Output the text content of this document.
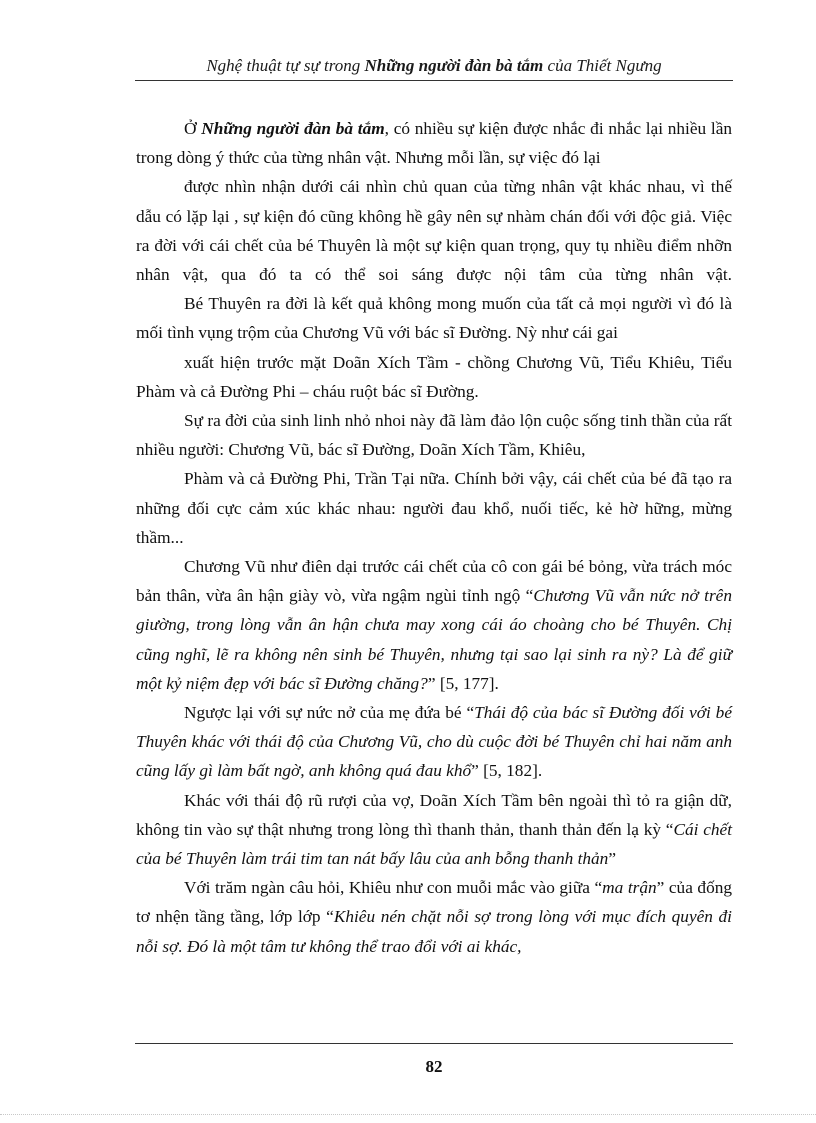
Nghệ thuật tự sự trong Những người đàn bà tắm của Thiết Ngưng

Ở Những người đàn bà tắm, có nhiều sự kiện được nhắc đi nhắc lại nhiều lần trong dòng ý thức của từng nhân vật. Nhưng mỗi lần, sự việc đó lại

được nhìn nhận dưới cái nhìn chủ quan của từng nhân vật khác nhau, vì thế dẫu có lặp lại , sự kiện đó cũng không hề gây nên sự nhàm chán đối với độc giả. Việc ra đời với cái chết của bé Thuyên là một sự kiện quan trọng, quy tụ nhiều điểm nhỡn nhân vật, qua đó ta có thể soi sáng được nội tâm của từng nhân vật.

Bé Thuyên ra đời là kết quả không mong muốn của tất cả mọi người vì đó là mối tình vụng trộm của Chương Vũ với bác sĩ Đường. Nỳ như cái gai

xuất hiện trước mặt Doãn Xích Tầm - chồng Chương Vũ, Tiểu Khiêu, Tiểu Phàm và cả Đường Phi – cháu ruột bác sĩ Đường.

Sự ra đời của sinh linh nhỏ nhoi này đã làm đảo lộn cuộc sống tinh thần của rất nhiều người: Chương Vũ, bác sĩ Đường, Doãn Xích Tầm, Khiêu,

Phàm và cả Đường Phi, Trần Tại nữa. Chính bởi vậy, cái chết của bé đã tạo ra những đối cực cảm xúc khác nhau: người đau khổ, nuối tiếc, kẻ hờ hững, mừng thầm...

Chương Vũ như điên dại trước cái chết của cô con gái bé bỏng, vừa trách móc bản thân, vừa ân hận giày vò, vừa ngậm ngùi tỉnh ngộ “Chương Vũ vẫn nức nở trên giường, trong lòng vẫn ân hận chưa may xong cái áo choàng cho bé Thuyên. Chị cũng nghĩ, lẽ ra không nên sinh bé Thuyên, nhưng tại sao lại sinh ra nỳ? Là để giữ một kỷ niệm đẹp với bác sĩ Đường chăng?” [5, 177].

Ngược lại với sự nức nở của mẹ đứa bé “Thái độ của bác sĩ Đường đối với bé Thuyên khác với thái độ của Chương Vũ, cho dù cuộc đời bé Thuyên chỉ hai năm anh cũng lấy gì làm bất ngờ, anh không quá đau khổ” [5, 182].

Khác với thái độ rũ rượi của vợ, Doãn Xích Tầm bên ngoài thì tỏ ra giận dữ, không tin vào sự thật nhưng trong lòng thì thanh thản, thanh thản đến lạ kỳ “Cái chết của bé Thuyên làm trái tim tan nát bấy lâu của anh bỗng thanh thản”

Với trăm ngàn câu hỏi, Khiêu như con muỗi mắc vào giữa “ma trận” của đống tơ nhện tầng tầng, lớp lớp “Khiêu nén chặt nỗi sợ trong lòng với mục đích quyên đi nỗi sợ. Đó là một tâm tư không thể trao đổi với ai khác,

82
